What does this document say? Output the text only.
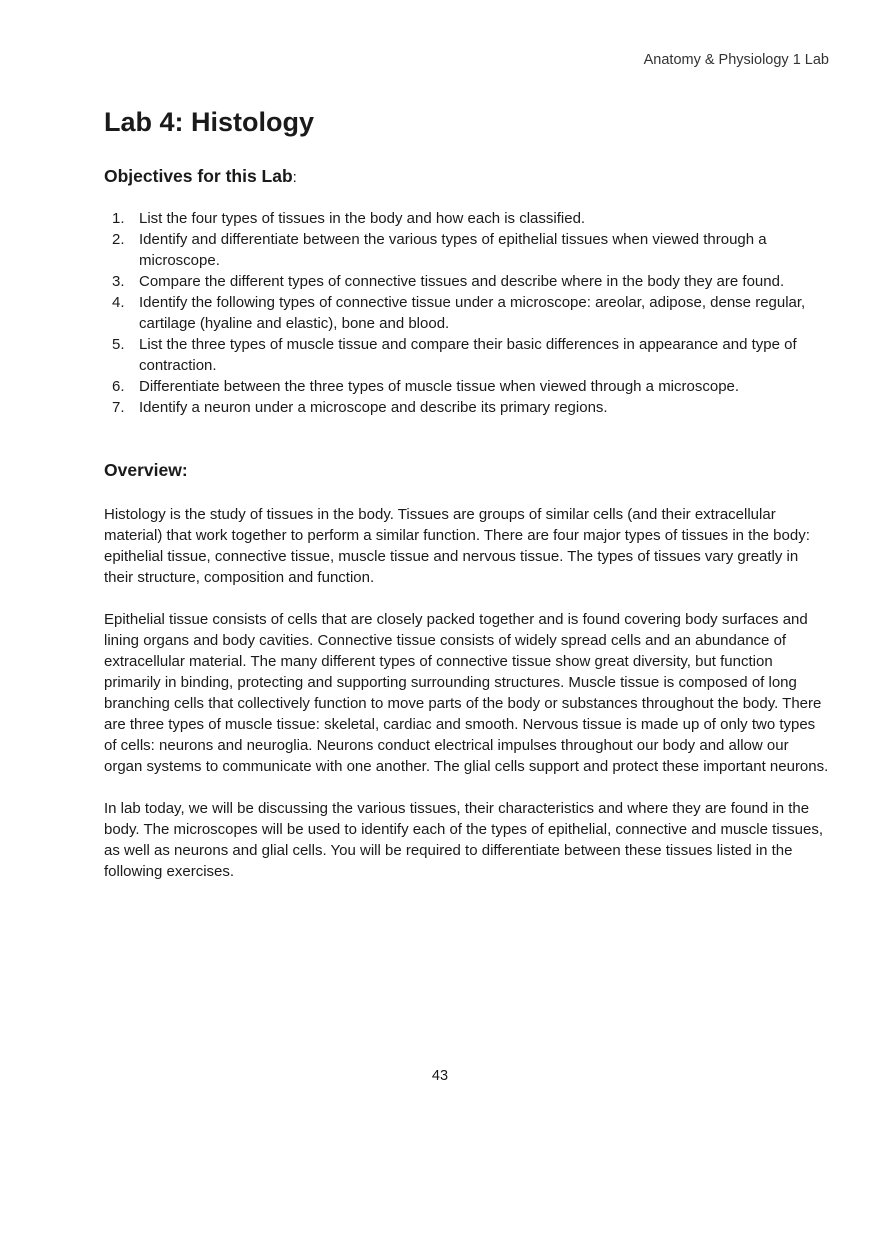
Anatomy & Physiology 1 Lab
Lab 4: Histology
Objectives for this Lab:
1. List the four types of tissues in the body and how each is classified.
2. Identify and differentiate between the various types of epithelial tissues when viewed through a microscope.
3. Compare the different types of connective tissues and describe where in the body they are found.
4. Identify the following types of connective tissue under a microscope: areolar, adipose, dense regular, cartilage (hyaline and elastic), bone and blood.
5. List the three types of muscle tissue and compare their basic differences in appearance and type of contraction.
6. Differentiate between the three types of muscle tissue when viewed through a microscope.
7. Identify a neuron under a microscope and describe its primary regions.
Overview:

Histology is the study of tissues in the body. Tissues are groups of similar cells (and their extracellular material) that work together to perform a similar function. There are four major types of tissues in the body: epithelial tissue, connective tissue, muscle tissue and nervous tissue. The types of tissues vary greatly in their structure, composition and function.

Epithelial tissue consists of cells that are closely packed together and is found covering body surfaces and lining organs and body cavities. Connective tissue consists of widely spread cells and an abundance of extracellular material. The many different types of connective tissue show great diversity, but function primarily in binding, protecting and supporting surrounding structures. Muscle tissue is composed of long branching cells that collectively function to move parts of the body or substances throughout the body. There are three types of muscle tissue: skeletal, cardiac and smooth. Nervous tissue is made up of only two types of cells: neurons and neuroglia. Neurons conduct electrical impulses throughout our body and allow our organ systems to communicate with one another. The glial cells support and protect these important neurons.

In lab today, we will be discussing the various tissues, their characteristics and where they are found in the body. The microscopes will be used to identify each of the types of epithelial, connective and muscle tissues, as well as neurons and glial cells. You will be required to differentiate between these tissues listed in the following exercises.

43
